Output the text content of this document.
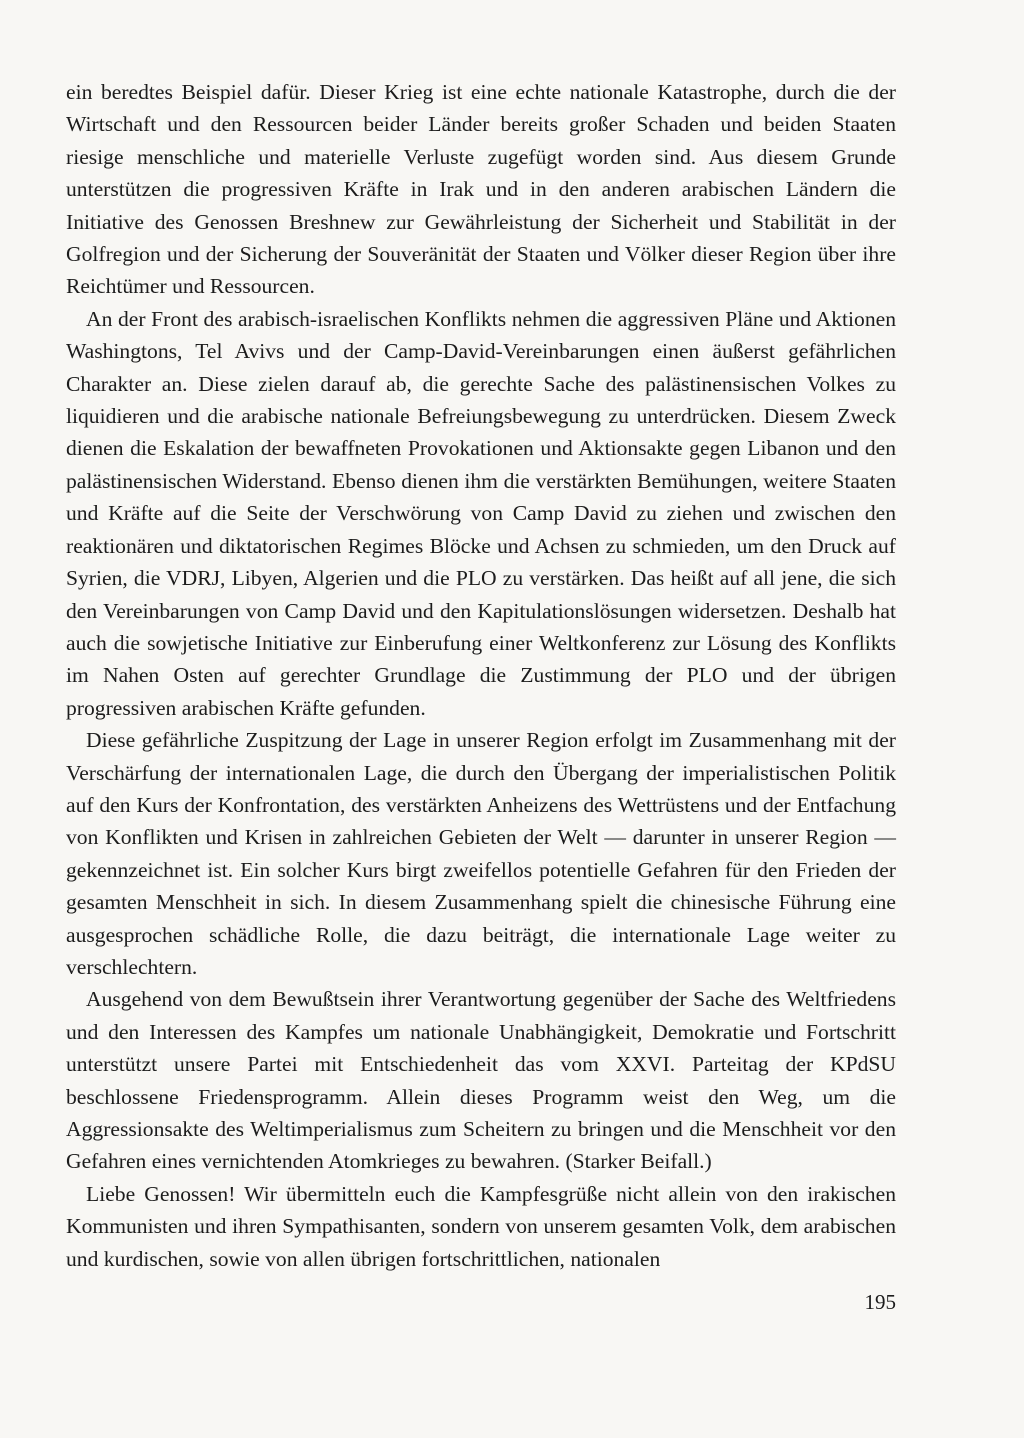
ein beredtes Beispiel dafür. Dieser Krieg ist eine echte nationale Katastrophe, durch die der Wirtschaft und den Ressourcen beider Länder bereits großer Schaden und beiden Staaten riesige menschliche und materielle Verluste zugefügt worden sind. Aus diesem Grunde unterstützen die progressiven Kräfte in Irak und in den anderen arabischen Ländern die Initiative des Genossen Breshnew zur Gewährleistung der Sicherheit und Stabilität in der Golfregion und der Sicherung der Souveränität der Staaten und Völker dieser Region über ihre Reichtümer und Ressourcen.

An der Front des arabisch-israelischen Konflikts nehmen die aggressiven Pläne und Aktionen Washingtons, Tel Avivs und der Camp-David-Vereinbarungen einen äußerst gefährlichen Charakter an. Diese zielen darauf ab, die gerechte Sache des palästinensischen Volkes zu liquidieren und die arabische nationale Befreiungsbewegung zu unterdrücken. Diesem Zweck dienen die Eskalation der bewaffneten Provokationen und Aktionsakte gegen Libanon und den palästinensischen Widerstand. Ebenso dienen ihm die verstärkten Bemühungen, weitere Staaten und Kräfte auf die Seite der Verschwörung von Camp David zu ziehen und zwischen den reaktionären und diktatorischen Regimes Blöcke und Achsen zu schmieden, um den Druck auf Syrien, die VDRJ, Libyen, Algerien und die PLO zu verstärken. Das heißt auf all jene, die sich den Vereinbarungen von Camp David und den Kapitulationslösungen widersetzen. Deshalb hat auch die sowjetische Initiative zur Einberufung einer Weltkonferenz zur Lösung des Konflikts im Nahen Osten auf gerechter Grundlage die Zustimmung der PLO und der übrigen progressiven arabischen Kräfte gefunden.

Diese gefährliche Zuspitzung der Lage in unserer Region erfolgt im Zusammenhang mit der Verschärfung der internationalen Lage, die durch den Übergang der imperialistischen Politik auf den Kurs der Konfrontation, des verstärkten Anheizens des Wettrüstens und der Entfachung von Konflikten und Krisen in zahlreichen Gebieten der Welt — darunter in unserer Region — gekennzeichnet ist. Ein solcher Kurs birgt zweifellos potentielle Gefahren für den Frieden der gesamten Menschheit in sich. In diesem Zusammenhang spielt die chinesische Führung eine ausgesprochen schädliche Rolle, die dazu beiträgt, die internationale Lage weiter zu verschlechtern.

Ausgehend von dem Bewußtsein ihrer Verantwortung gegenüber der Sache des Weltfriedens und den Interessen des Kampfes um nationale Unabhängigkeit, Demokratie und Fortschritt unterstützt unsere Partei mit Entschiedenheit das vom XXVI. Parteitag der KPdSU beschlossene Friedensprogramm. Allein dieses Programm weist den Weg, um die Aggressionsakte des Weltimperialismus zum Scheitern zu bringen und die Menschheit vor den Gefahren eines vernichtenden Atomkrieges zu bewahren. (Starker Beifall.)

Liebe Genossen! Wir übermitteln euch die Kampfesgrüße nicht allein von den irakischen Kommunisten und ihren Sympathisanten, sondern von unserem gesamten Volk, dem arabischen und kurdischen, sowie von allen übrigen fortschrittlichen, nationalen

195
